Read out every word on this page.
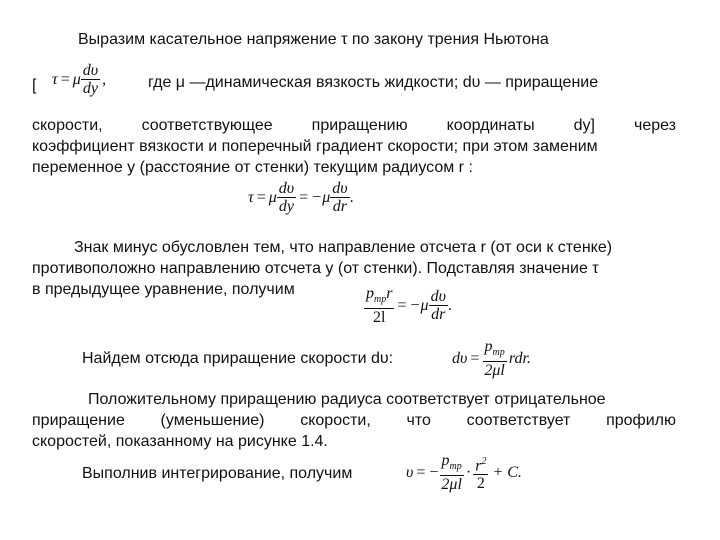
Выразим касательное напряжение τ по закону трения Ньютона
[ τ = μ $\frac{d\upsilon}{dy}$ ,	где μ —динамическая вязкость жидкости; dυ — приращение
скорости, соответствующее приращению координаты dy] через
коэффициент вязкости и поперечный градиент скорости; при этом заменим
переменное у (расстояние от стенки) текущим радиусом r :
τ = μ $\frac{d\upsilon}{dy}$ = − μ $\frac{d\upsilon}{dr}$ .
Знак минус обусловлен тем, что направление отсчета r (от оси к стенке)
противоположно направлению отсчета у (от стенки). Подставляя значение τ
в предыдущее уравнение, получим	$\frac{p_{тр}r}{2l}$ = − μ $\frac{d\upsilon}{dr}$ .
Найдем отсюда приращение скорости dυ:	$d\upsilon = \frac{p_{тр}}{2\mu l}$ rdr.
Положительному приращению радиуса соответствует отрицательное
приращение (уменьшение) скорости, что соответствует профилю
скоростей, показанному на рисунке 1.4.
Выполнив интегрирование, получим	υ = − $\frac{p_{тр}}{2\mu l} \cdot \frac{r^2}{2} + C$.
